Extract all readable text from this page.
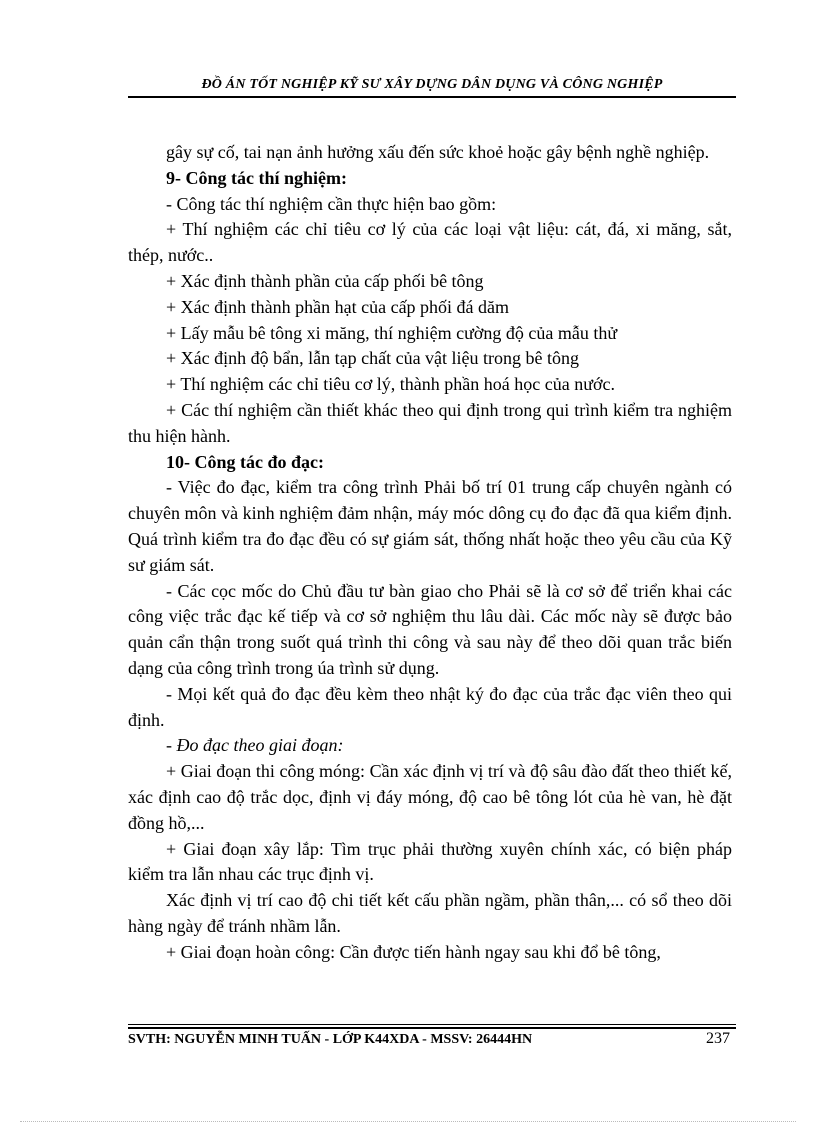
ĐỒ ÁN TỐT NGHIỆP KỸ SƯ XÂY DỰNG DÂN DỤNG VÀ CÔNG NGHIỆP

gây sự cố, tai nạn ảnh hưởng xấu đến sức khoẻ hoặc gây bệnh nghề nghiệp.

9- Công tác thí nghiệm:

- Công tác thí nghiệm cần thực hiện bao gồm:

+ Thí nghiệm các chỉ tiêu cơ lý của các loại vật liệu: cát, đá, xi măng, sắt, thép, nước..

+ Xác định thành phần của cấp phối bê tông

+ Xác định thành phần hạt của cấp phối đá dăm

+ Lấy mẫu bê tông xi măng, thí nghiệm cường độ của mẫu thử

+ Xác định độ bẩn, lẫn tạp chất của vật liệu trong bê tông

+ Thí nghiệm các chỉ tiêu cơ lý, thành phần hoá học của nước.

+ Các thí nghiệm cần thiết khác theo qui định trong qui trình kiểm tra nghiệm thu hiện hành.

10- Công tác đo đạc:

- Việc đo đạc, kiểm tra công trình Phải bố trí 01 trung cấp chuyên ngành có chuyên môn và kinh nghiệm đảm nhận, máy móc dông cụ đo đạc đã qua kiểm định. Quá trình kiểm tra đo đạc đều có sự giám sát, thống nhất hoặc theo yêu cầu của Kỹ sư giám sát.

- Các cọc mốc do Chủ đầu tư bàn giao cho Phải sẽ là cơ sở để triển khai các công việc trắc đạc kế tiếp và cơ sở nghiệm thu lâu dài. Các mốc này sẽ được bảo quản cẩn thận trong suốt quá trình thi công và sau này để theo dõi quan trắc biến dạng của công trình trong úa trình sử dụng.

- Mọi kết quả đo đạc đều kèm theo nhật ký đo đạc của trắc đạc viên theo qui định.

- Đo đạc theo giai đoạn:

+ Giai đoạn thi công móng: Cần xác định vị trí và độ sâu đào đất theo thiết kế, xác định cao độ trắc dọc, định vị đáy móng, độ cao bê tông lót của hè van, hè đặt đồng hồ,...

+ Giai đoạn xây lắp: Tìm trục phải thường xuyên chính xác, có biện pháp kiểm tra lẫn nhau các trục định vị.

Xác định vị trí cao độ chi tiết kết cấu phần ngầm, phần thân,... có sổ theo dõi hàng ngày để tránh nhầm lẫn.

+ Giai đoạn hoàn công: Cần được tiến hành ngay sau khi đổ bê tông,

SVTH: NGUYỄN MINH TUẤN - LỚP K44XDA - MSSV: 26444HN	237
